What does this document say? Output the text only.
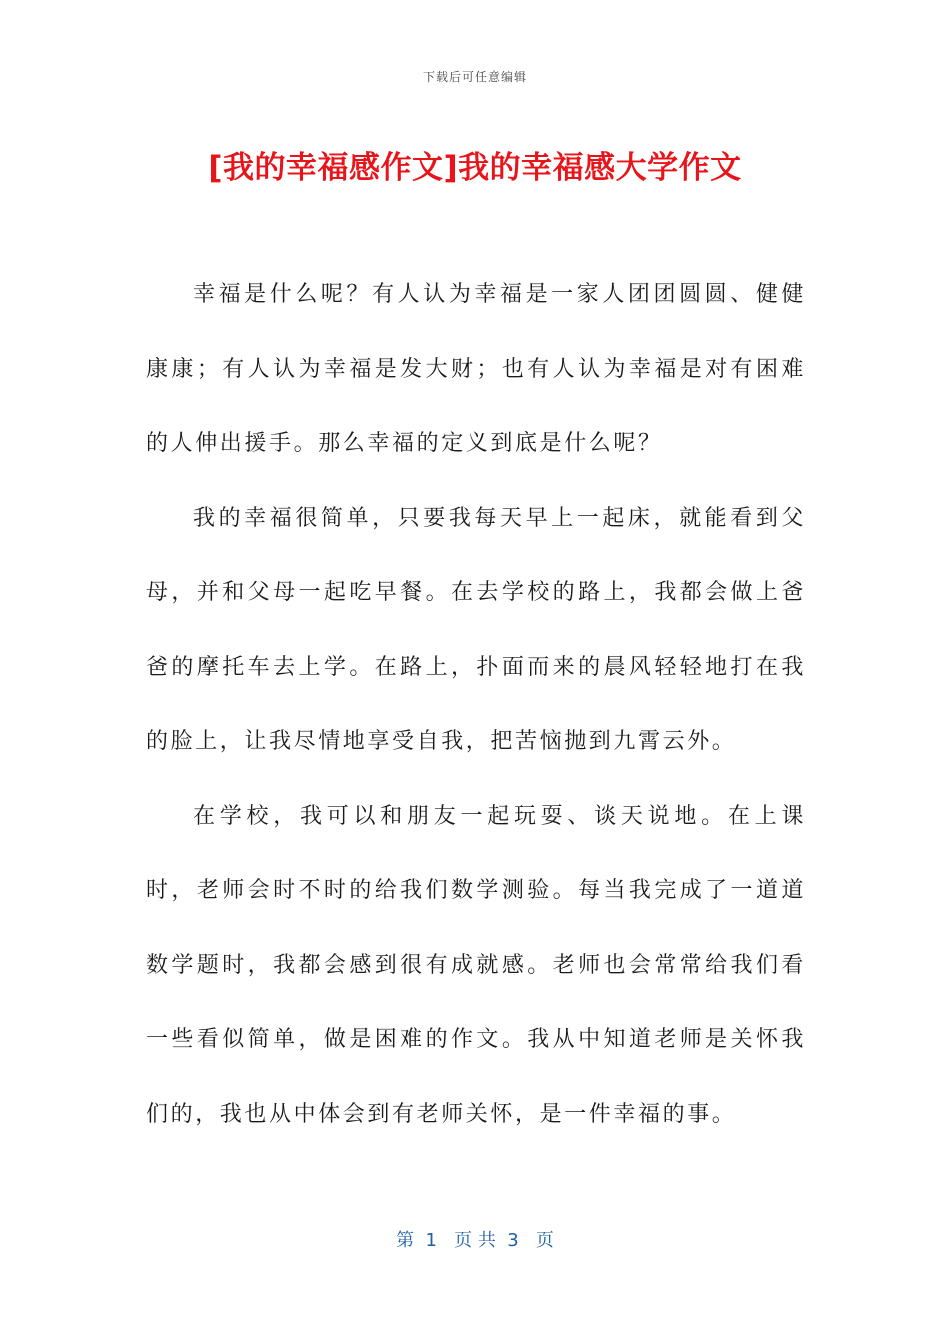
下载后可任意编辑
[我的幸福感作文]我的幸福感大学作文

幸福是什么呢？有人认为幸福是一家人团团圆圆、健健康康；有人认为幸福是发大财；也有人认为幸福是对有困难的人伸出援手。那么幸福的定义到底是什么呢？

我的幸福很简单，只要我每天早上一起床，就能看到父母，并和父母一起吃早餐。在去学校的路上，我都会做上爸爸的摩托车去上学。在路上，扑面而来的晨风轻轻地打在我的脸上，让我尽情地享受自我，把苦恼抛到九霄云外。

在学校，我可以和朋友一起玩耍、谈天说地。在上课时，老师会时不时的给我们数学测验。每当我完成了一道道数学题时，我都会感到很有成就感。老师也会常常给我们看一些看似简单，做是困难的作文。我从中知道老师是关怀我们的，我也从中体会到有老师关怀，是一件幸福的事。

第  1   页 共  3   页
